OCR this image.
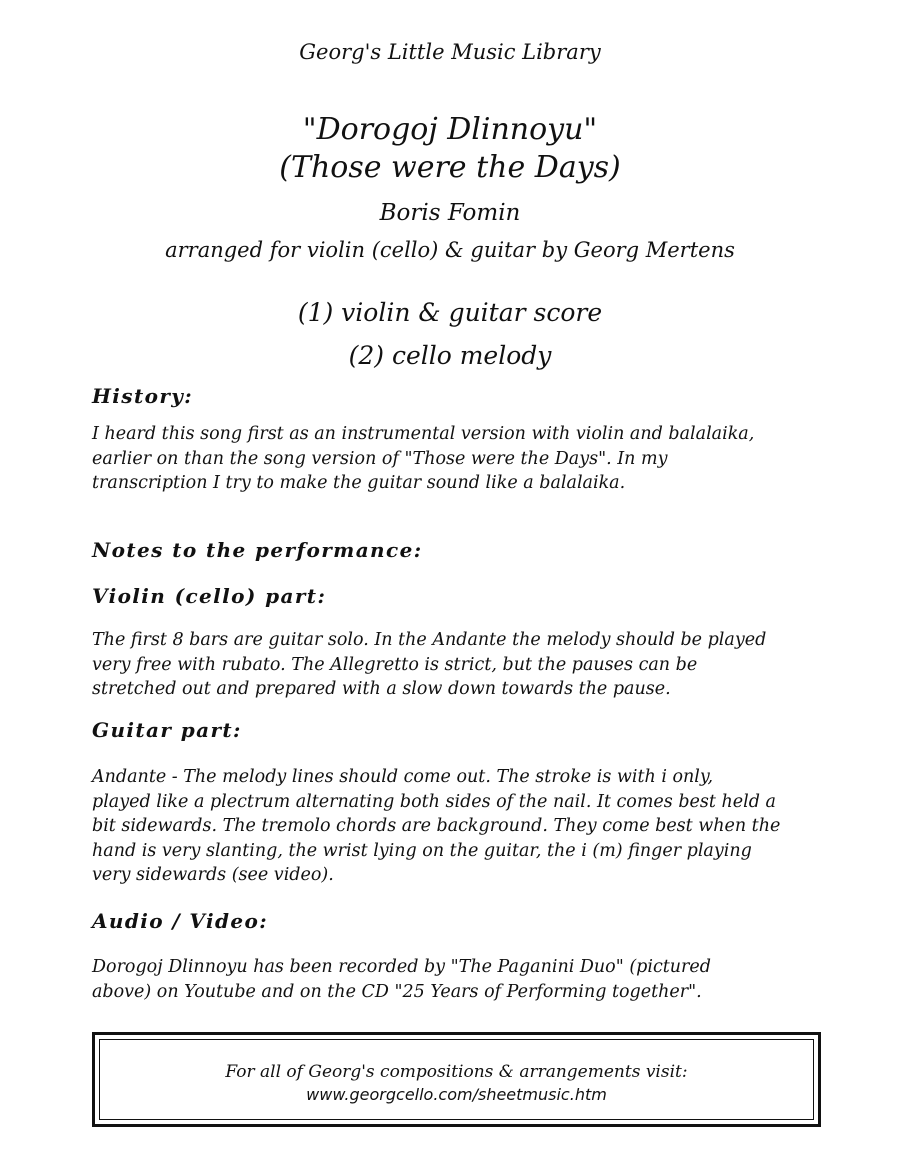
Georg's Little Music Library
"Dorogoj Dlinnoyu"
(Those were the Days)
Boris Fomin
arranged for violin (cello) & guitar by Georg Mertens
(1) violin & guitar score
(2) cello melody
History:
I heard this song first as an instrumental version with violin and balalaika,
earlier on than the song version of "Those were the Days". In my
transcription I try to make the guitar sound like a balalaika.
Notes to the performance:
Violin (cello) part:
The first 8 bars are guitar solo. In the Andante the melody should be played
very free with rubato. The Allegretto is strict, but the pauses can be
stretched out and prepared with a slow down towards the pause.
Guitar part:
Andante - The melody lines should come out. The stroke is with i only,
played like a plectrum alternating both sides of the nail. It comes best held a
bit sidewards. The tremolo chords are background. They come best when the
hand is very slanting, the wrist lying on the guitar, the i (m) finger playing
very sidewards (see video).
Audio / Video:
Dorogoj Dlinnoyu has been recorded by "The Paganini Duo" (pictured
above) on Youtube and on the CD "25 Years of Performing together".
For all of Georg's compositions & arrangements visit:
www.georgcello.com/sheetmusic.htm
